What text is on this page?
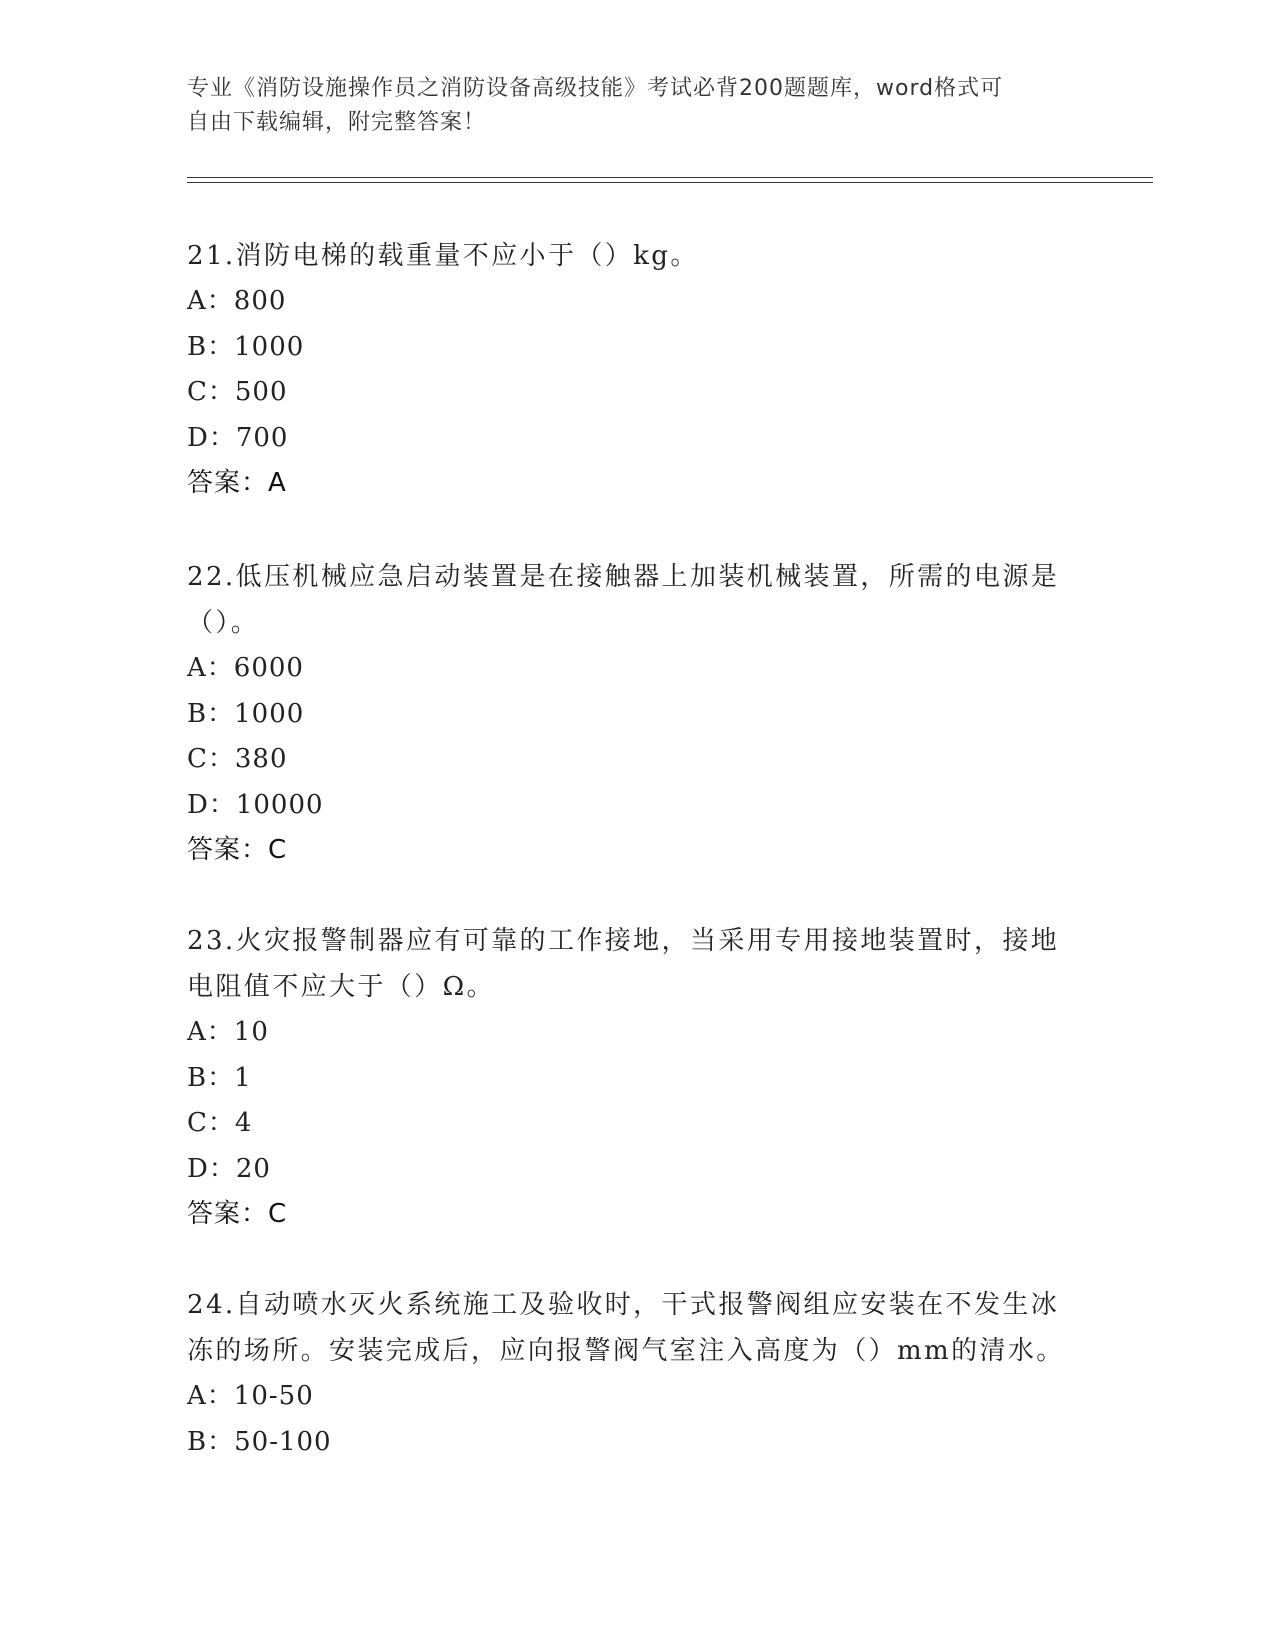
专业《消防设施操作员之消防设备高级技能》考试必背200题题库，word格式可
自由下载编辑，附完整答案！
21.消防电梯的载重量不应小于（）kg。
A：800
B：1000
C：500
D：700
答案：A
22.低压机械应急启动装置是在接触器上加装机械装置，所需的电源是
（）。
A：6000
B：1000
C：380
D：10000
答案：C
23.火灾报警制器应有可靠的工作接地，当采用专用接地装置时，接地
电阻值不应大于（）Ω。
A：10
B：1
C：4
D：20
答案：C
24.自动喷水灭火系统施工及验收时，干式报警阀组应安装在不发生冰
冻的场所。安装完成后，应向报警阀气室注入高度为（）mm的清水。
A：10-50
B：50-100
